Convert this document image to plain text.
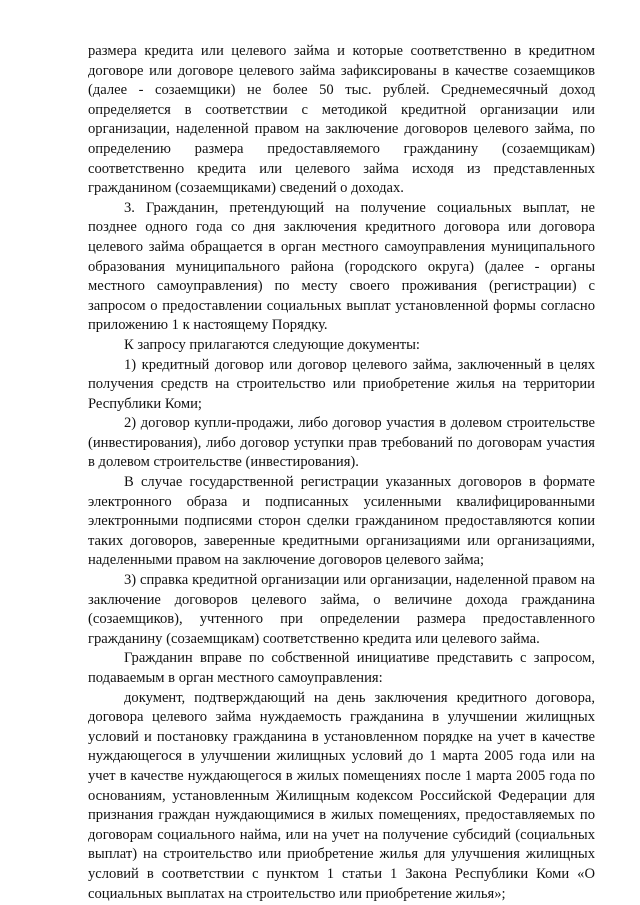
размера кредита или целевого займа и которые соответственно в кредитном договоре или договоре целевого займа зафиксированы в качестве созаемщиков (далее - созаемщики) не более 50 тыс. рублей. Среднемесячный доход определяется в соответствии с методикой кредитной организации или организации, наделенной правом на заключение договоров целевого займа, по определению размера предоставляемого гражданину (созаемщикам) соответственно кредита или целевого займа исходя из представленных гражданином (созаемщиками) сведений о доходах.

3. Гражданин, претендующий на получение социальных выплат, не позднее одного года со дня заключения кредитного договора или договора целевого займа обращается в орган местного самоуправления муниципального образования муниципального района (городского округа) (далее - органы местного самоуправления) по месту своего проживания (регистрации) с запросом о предоставлении социальных выплат установленной формы согласно приложению 1 к настоящему Порядку.

К запросу прилагаются следующие документы:

1) кредитный договор или договор целевого займа, заключенный в целях получения средств на строительство или приобретение жилья на территории Республики Коми;

2) договор купли-продажи, либо договор участия в долевом строительстве (инвестирования), либо договор уступки прав требований по договорам участия в долевом строительстве (инвестирования).

В случае государственной регистрации указанных договоров в формате электронного образа и подписанных усиленными квалифицированными электронными подписями сторон сделки гражданином предоставляются копии таких договоров, заверенные кредитными организациями или организациями, наделенными правом на заключение договоров целевого займа;

3) справка кредитной организации или организации, наделенной правом на заключение договоров целевого займа, о величине дохода гражданина (созаемщиков), учтенного при определении размера предоставленного гражданину (созаемщикам) соответственно кредита или целевого займа.

Гражданин вправе по собственной инициативе представить с запросом, подаваемым в орган местного самоуправления:

документ, подтверждающий на день заключения кредитного договора, договора целевого займа нуждаемость гражданина в улучшении жилищных условий и постановку гражданина в установленном порядке на учет в качестве нуждающегося в улучшении жилищных условий до 1 марта 2005 года или на учет в качестве нуждающегося в жилых помещениях после 1 марта 2005 года по основаниям, установленным Жилищным кодексом Российской Федерации для признания граждан нуждающимися в жилых помещениях, предоставляемых по договорам социального найма, или на учет на получение субсидий (социальных выплат) на строительство или приобретение жилья для улучшения жилищных условий в соответствии с пунктом 1 статьи 1 Закона Республики Коми «О социальных выплатах на строительство или приобретение жилья»;
